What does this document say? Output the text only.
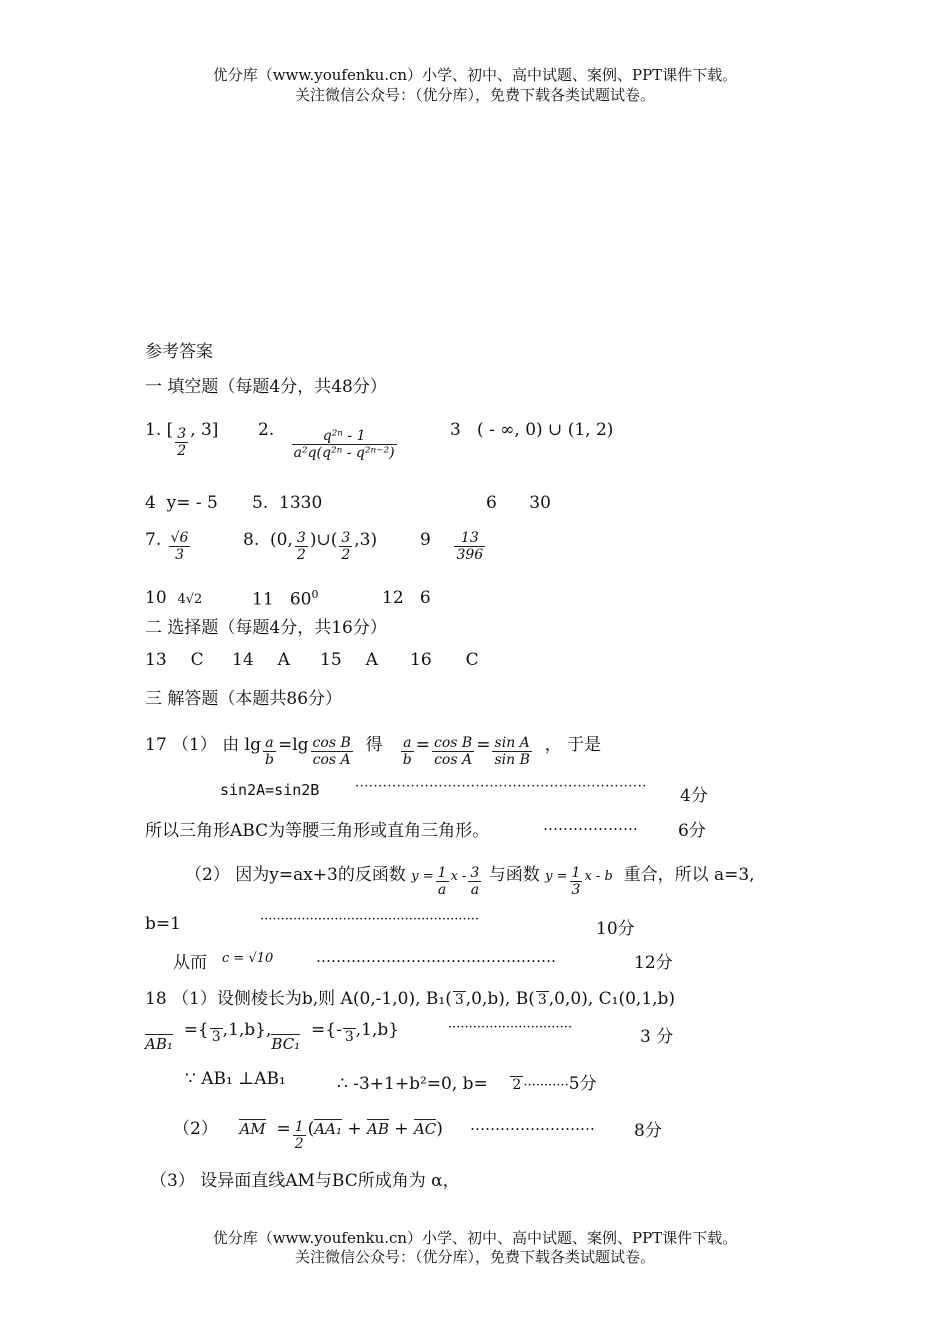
优分库（www.youfenku.cn）小学、初中、高中试题、案例、PPT课件下载。
关注微信公众号：（优分库），免费下载各类试题试卷。
参考答案
一 填空题（每题4分，共48分）
1. [ $\frac{3}{2}$ , 3] 2. $\frac{\text{q²ⁿ - 1}}{\text{a²q(q²ⁿ - q²ⁿ⁻²)}}$	3 ( - ∞, 0) ∪ (1, 2)
4 y= - 5 5. 1330	6 30
7. $\frac{√6}{3}$	8. (0, $\frac{3}{2}$ )∪( $\frac{3}{2} ,3$)	$9 \frac{13}{396}$
10 4√2	11 $60^0$	12 6
二 选择题（每题4分，共16分）
13 C 14 A 15 A 16 C
三 解答题（本题共86分）
17 （1） 由 $\lg \frac{a}{b} =\lg \frac{\text{cos B}}{\text{cos A}}$ 得 $\frac{a}{b} = \frac{\text{cos B}}{\text{cos A}} = \frac{\text{sin A}}{\text{sin B}}$ ， 于是
sin2A=sin2B	······························································· 4分
所以三角形ABC为等腰三角形或直角三角形。	………………. 6分
（2） 因为y=ax+3的反函数 $y = \frac{1}{a}$ x - $\frac{3}{a}$ 与函数 $y = \frac{1}{3}$ x - b 重合，所以 a=3,
b=1	·····················································	10分
从而 c = √10	…………………………………………	12分
18 （1）设侧棱长为b,则 A(0,-1,0), B₁( 3 ,0,b), B( 3 ,0,0), C₁(0,1,b)
AB₁  ={ 3 ,1,b},BC₁  ={- 3 ,1,b}	······························	3 分
∵ AB₁ ⊥AB₁	∴ -3+1+b²=0, b= 2 ···········5分
（2） AM = $\frac{1}{2} (AA_1$ + AB + AC) ……………………. 8分
（3） 设异面直线AM与BC所成角为 α，
优分库（www.youfenku.cn）小学、初中、高中试题、案例、PPT课件下载。
关注微信公众号：（优分库），免费下载各类试题试卷。
